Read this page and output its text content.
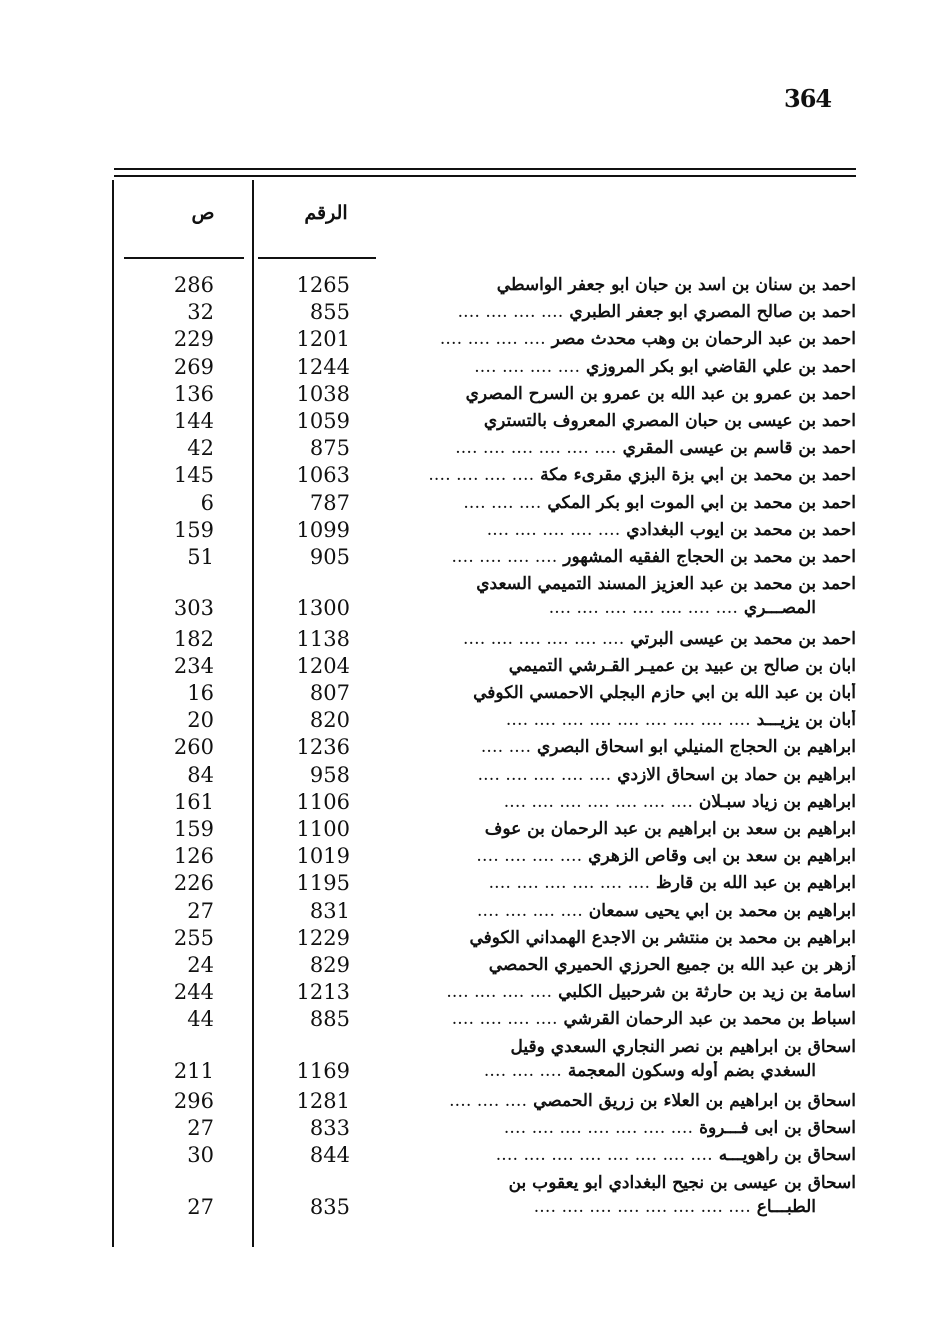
364
ص	الرقم
احمد بن سنان بن اسد بن حبان ابو جعفر الواسطي
1265
286
احمد بن صالح المصري ابو جعفر الطبري …. …. …. ….
855
32
احمد بن عبد الرحمان بن وهب محدث مصر …. …. …. ….
1201
229
احمد بن علي القاضي ابو بكر المروزي …. …. …. ….
1244
269
احمد بن عمرو بن عبد الله بن عمرو بن السرح المصري
1038
136
احمد بن عيسى بن حبان المصري المعروف بالتستري
1059
144
احمد بن قاسم بن عيسى المقري …. …. …. …. …. ….
875
42
احمد بن محمد بن ابي بزة البزي مقرىء مكة …. …. …. ….
1063
145
احمد بن محمد بن ابي الموت ابو بكر المكي …. …. ….
787
6
احمد بن محمد بن ايوب البغدادي …. …. …. …. ….
1099
159
احمد بن محمد بن الحجاج الفقيه المشهور …. …. …. ….
905
51
احمد بن محمد بن عبد العزيز المسند التميمي السعدي
المصـــري …. …. …. …. …. …. ….
1300
303
احمد بن محمد بن عيسى البرتي …. …. …. …. …. ….
1138
182
ابان بن صالح بن عبيد بن عميـر القـرشي التميمي
1204
234
أبان بن عبد الله بن ابي حازم البجلي الاحمسي الكوفي
807
16
أبان بن يزيـــد …. …. …. …. …. …. …. …. ….
820
20
ابراهيم بن الحجاج المنيلي ابو اسحاق البصري …. ….
1236
260
ابراهيم بن حماد بن اسحاق الازدي …. …. …. …. ….
958
84
ابراهيم بن زياد سبـلان …. …. …. …. …. …. ….
1106
161
ابراهيم بن سعد بن ابراهيم بن عبد الرحمان بن عوف
1100
159
ابراهيم بن سعد بن ابى وقاص الزهري …. …. …. ….
1019
126
ابراهيم بن عبد الله بن قارظ …. …. …. …. …. ….
1195
226
ابراهيم بن محمد بن ابي يحيى سمعان …. …. …. ….
831
27
ابراهيم بن محمد بن منتشر بن الاجدع الهمداني الكوفي
1229
255
أزهر بن عبد الله بن جميع الحرزي الحميري الحمصي
829
24
اسامة بن زيد بن حارثة بن شرحبيل الكلبي …. …. …. ….
1213
244
اسباط بن محمد بن عبد الرحمان القرشي …. …. …. ….
885
44
اسحاق بن ابراهيم بن نصر النجاري السعدي وقيل
السغدي بضم أوله وسكون المعجمة …. …. ….
1169
211
اسحاق بن ابراهيم بن العلاء بن زريق الحمصي …. …. ….
1281
296
اسحاق بن ابى فـــروة …. …. …. …. …. …. ….
833
27
اسحاق بن راهويـــه …. …. …. …. …. …. …. ….
844
30
اسحاق بن عيسى بن نجيح البغدادي ابو يعقوب بن
الطبـــاع …. …. …. …. …. …. …. ….
835
27
